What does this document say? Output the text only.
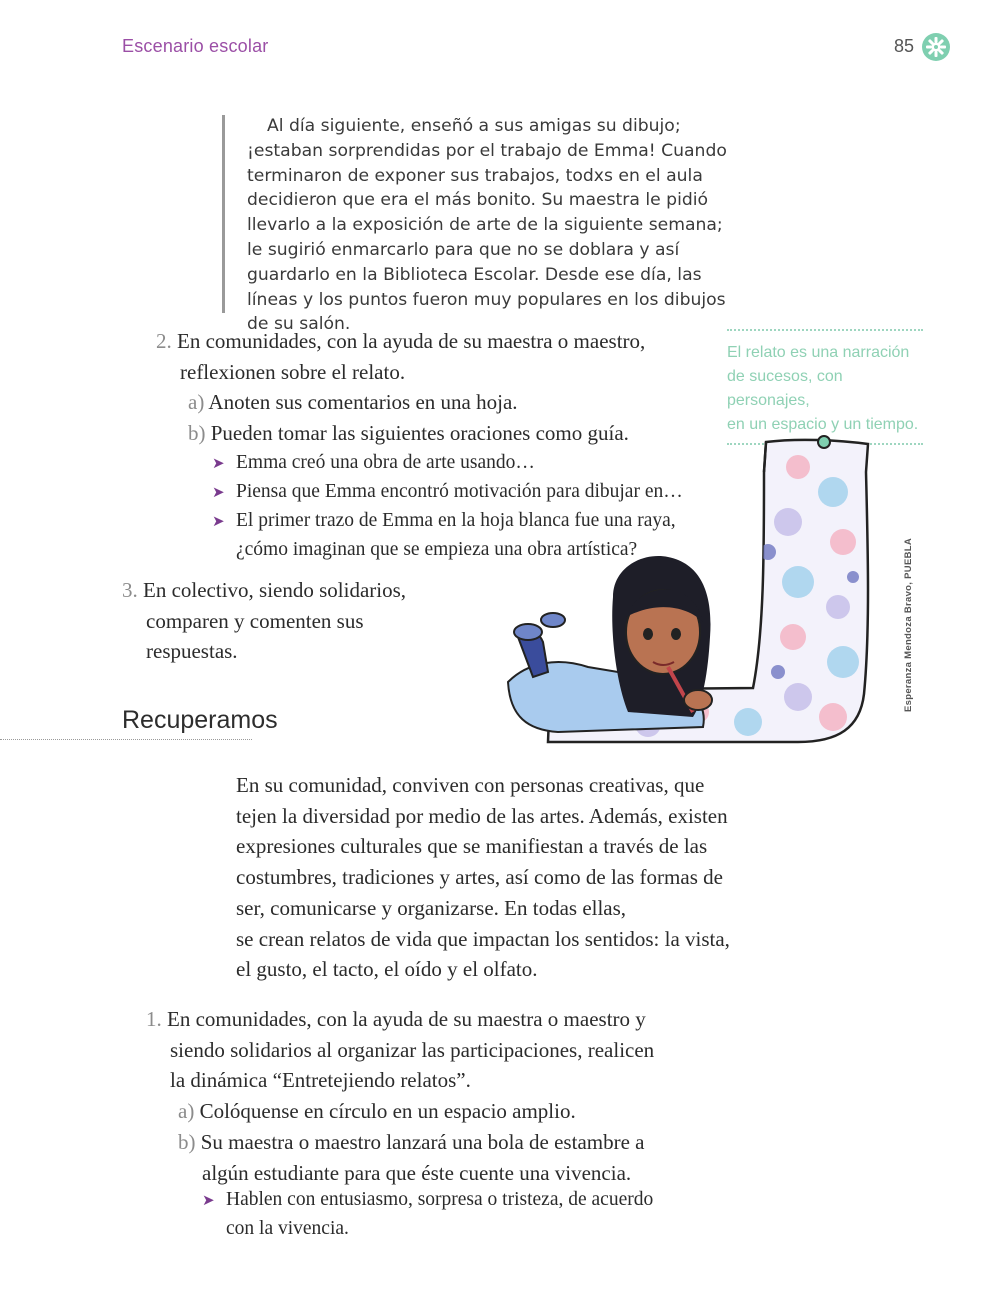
Escenario escolar	85

Al día siguiente, enseñó a sus amigas su dibujo; ¡estaban sorprendidas por el trabajo de Emma! Cuando terminaron de exponer sus trabajos, todxs en el aula decidieron que era el más bonito. Su maestra le pidió llevarlo a la exposición de arte de la siguiente semana; le sugirió enmarcarlo para que no se doblara y así guardarlo en la Biblioteca Escolar. Desde ese día, las líneas y los puntos fueron muy populares en los dibujos de su salón.

2. En comunidades, con la ayuda de su maestra o maestro,
reflexionen sobre el relato.
a) Anoten sus comentarios en una hoja.
b) Pueden tomar las siguientes oraciones como guía.
➤ Emma creó una obra de arte usando…
➤ Piensa que Emma encontró motivación para dibujar en…
➤ El primer trazo de Emma en la hoja blanca fue una raya,
¿cómo imaginan que se empieza una obra artística?
El relato es una narración
de sucesos, con personajes,
en un espacio y un tiempo.
3. En colectivo, siendo solidarios,
comparen y comenten sus
respuestas.	Esperanza Mendoza Bravo, PUEBLA
Recuperamos
En su comunidad, conviven con personas creativas, que
tejen la diversidad por medio de las artes. Además, existen
expresiones culturales que se manifiestan a través de las
costumbres, tradiciones y artes, así como de las formas de
ser, comunicarse y organizarse. En todas ellas,
se crean relatos de vida que impactan los sentidos: la vista,
el gusto, el tacto, el oído y el olfato.
1. En comunidades, con la ayuda de su maestra o maestro y
siendo solidarios al organizar las participaciones, realicen
la dinámica “Entretejiendo relatos”.
a) Colóquense en círculo en un espacio amplio.
b) Su maestra o maestro lanzará una bola de estambre a
algún estudiante para que éste cuente una vivencia.
➤ Hablen con entusiasmo, sorpresa o tristeza, de acuerdo
con la vivencia.
